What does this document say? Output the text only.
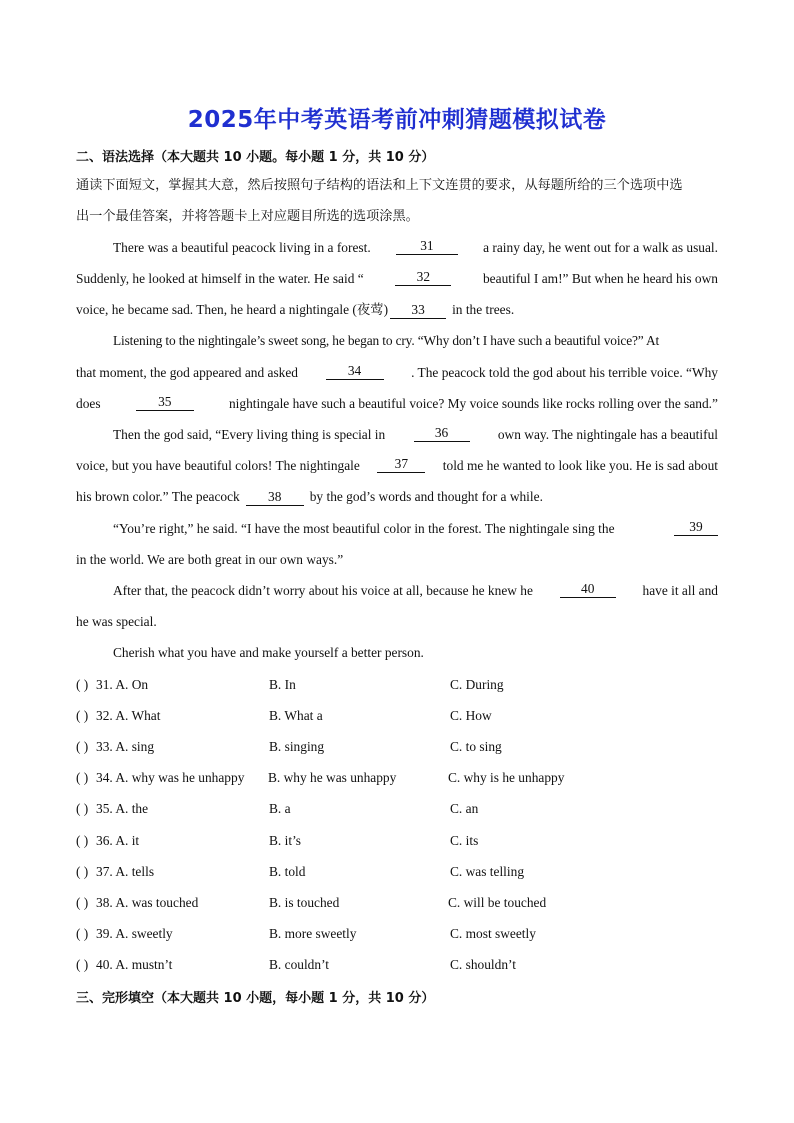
2025年中考英语考前冲刺猜题模拟试卷
二、语法选择（本大题共 10 小题。每小题 1 分，共 10 分）
通读下面短文，掌握其大意，然后按照句子结构的语法和上下文连贯的要求，从每题所给的三个选项中选
出一个最佳答案，并将答题卡上对应题目所选的选项涂黑。
There was a beautiful peacock living in a forest.	31	a rainy day, he went out for a walk as usual.
Suddenly, he looked at himself in the water. He said “	32	beautiful I am!” But when he heard his own
voice, he became sad. Then, he heard a nightingale (夜莺) 33 in the trees.
Listening to the nightingale’s sweet song, he began to cry. “Why don’t I have such a beautiful voice?” At
that moment, the god appeared and asked	34	. The peacock told the god about his terrible voice. “Why
does	35	nightingale have such a beautiful voice? My voice sounds like rocks rolling over the sand.”
Then the god said, “Every living thing is special in	36	own way. The nightingale has a beautiful
voice, but you have beautiful colors! The nightingale	37	told me he wanted to look like you. He is sad about
his brown color.” The peacock 38 by the god’s words and thought for a while.
“You’re right,” he said. “I have the most beautiful color in the forest. The nightingale sing the	39
in the world. We are both great in our own ways.”
After that, the peacock didn’t worry about his voice at all, because he knew he	40	have it all and
he was special.
Cherish what you have and make yourself a better person.
( ) 31. A. On	B. In	C. During
( ) 32. A. What	B. What a	C. How
( ) 33. A. sing	B. singing	C. to sing
( ) 34. A. why was he unhappy B. why he was unhappy	C. why is he unhappy
( ) 35. A. the	B. a	C. an
( ) 36. A. it	B. it’s	C. its
( ) 37. A. tells	B. told	C. was telling
( ) 38. A. was touched	B. is touched	C. will be touched
( ) 39. A. sweetly	B. more sweetly	C. most sweetly
( ) 40. A. mustn’t	B. couldn’t	C. shouldn’t
三、完形填空（本大题共 10 小题，每小题 1 分，共 10 分）
